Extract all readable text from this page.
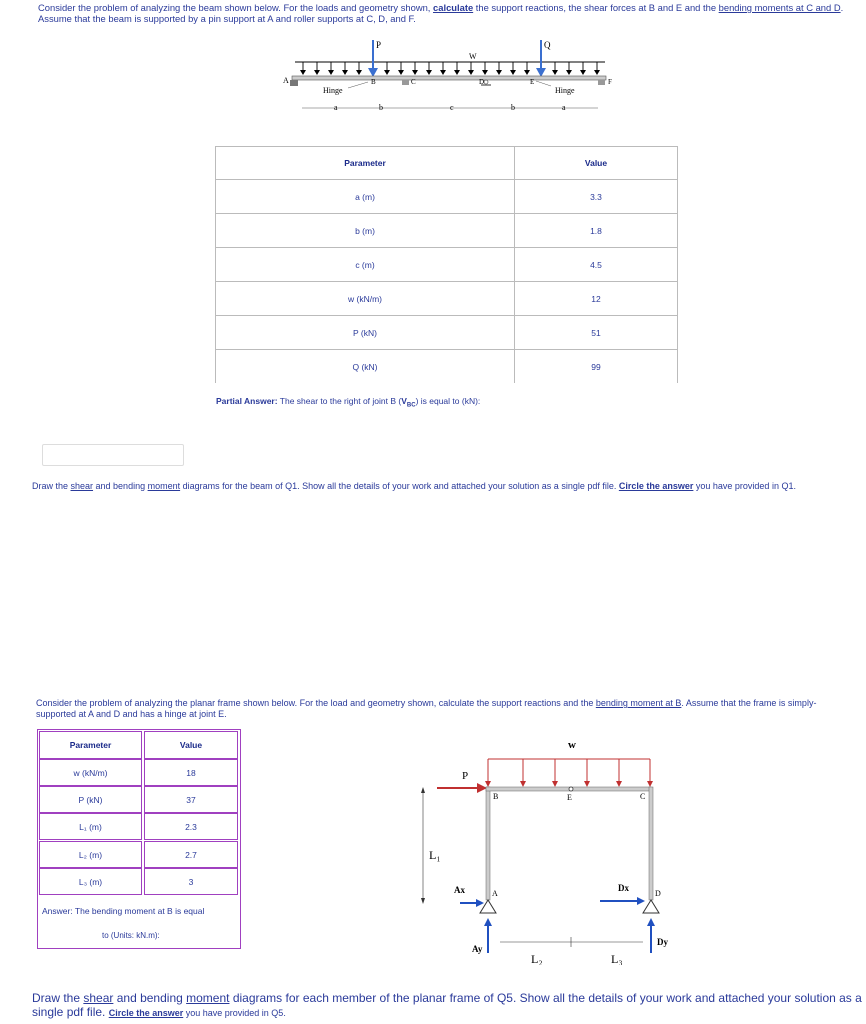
Consider the problem of analyzing the beam shown below. For the loads and geometry shown, calculate the support reactions, the shear forces at B and E and the bending moments at C and D. Assume that the beam is supported by a pin support at A and roller supports at C, D, and F.
P	Q
W
A	B	C	D	E	F
Hinge	Hinge
a	b	c	b	a
Parameter	Value
a (m)	3.3
b (m)	1.8
c (m)	4.5
w (kN/m)	12
P (kN)	51
Q (kN)	99
Partial Answer: The shear to the right of joint B $(V_{BC})$ is equal to (kN):
Draw the shear and bending moment diagrams for the beam of Q1. Show all the details of your work and attached your solution as a single pdf file. Circle the answer you have provided in Q1.
Consider the problem of analyzing the planar frame shown below. For the load and geometry shown, calculate the support reactions and the bending moment at B. Assume that the frame is simply-supported at A and D and has a hinge at joint E.
Parameter	Value
w (kN/m)	18
P (kN)	37
L₁ (m)	2.3
L₂ (m)	2.7
L₃ (m)	3
Answer: The bending moment at B is equal
to (Units: kN.m):
w
P
B	E	C
A	D
Ax
Ay
Dx
Dy
L₁
L₂	L₃
Draw the shear and bending moment diagrams for each member of the planar frame of Q5. Show all the details of your work and attached your solution as a single pdf file. Circle the answer you have provided in Q5.
